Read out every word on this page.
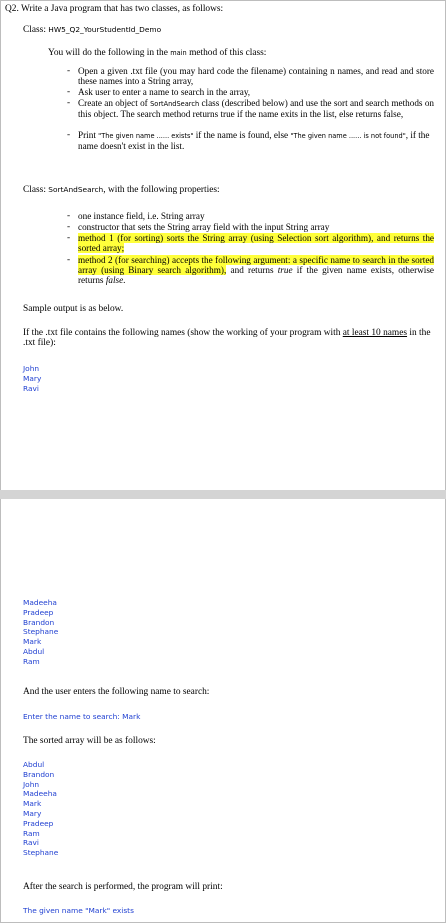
Q2. Write a Java program that has two classes, as follows:
Class: HW5_Q2_YourStudentId_Demo
You will do the following in the main method of this class:
- Open a given .txt file (you may hard code the filename) containing n names, and read and store these names into a String array,
- Ask user to enter a name to search in the array,
- Create an object of SortAndSearch class (described below) and use the sort and search methods on this object. The search method returns true if the name exits in the list, else returns false,
- Print "The given name ...... exists" if the name is found, else "The given name ...... is not found", if the name doesn't exist in the list.
Class: SortAndSearch, with the following properties:
- one instance field, i.e. String array
- constructor that sets the String array field with the input String array
- method 1 (for sorting) sorts the String array (using Selection sort algorithm), and returns the sorted array;
- method 2 (for searching) accepts the following argument: a specific name to search in the sorted array (using Binary search algorithm), and returns true if the given name exists, otherwise returns false.
Sample output is as below.
If the .txt file contains the following names (show the working of your program with at least 10 names in the .txt file):
John
Mary
Ravi
Madeeha
Pradeep
Brandon
Stephane
Mark
Abdul
Ram
And the user enters the following name to search:
Enter the name to search: Mark
The sorted array will be as follows:
Abdul
Brandon
John
Madeeha
Mark
Mary
Pradeep
Ram
Ravi
Stephane
After the search is performed, the program will print:
The given name "Mark" exists
